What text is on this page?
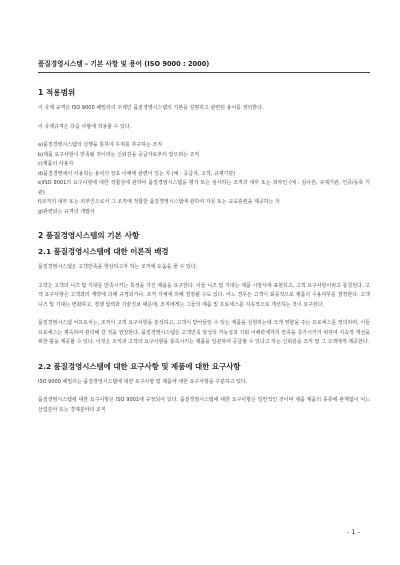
품질경영시스템 – 기본 사항 및 용어 (ISO 9000 : 2000)
1 적용범위

이 국제 규격은 ISO 9000 패밀리의 주제인 품질경영시스템의 기본을 설명하고 관련된 용어를 정의한다.

이 국제규격은 다음 사항에 적용할 수 있다.

a)품질경영시스템의 실행을 통하여 우위를 추구하는 조직

b)제품 요구사항이 만족될 것이라는 신뢰감을 공급자로부터 얻으려는 조직

c)제품의 사용자

d)품질경영에서 사용되는 용어의 상호 이해에 관련이 있는 자 (예 : 공급자, 고객, 규제기관)

e)ISO 9001의 요구사항에 대한 적합성에 관하여 품질경영시스템을 평가 또는 심사하는 조직의 내부 또는 외부인 (예 : 심사원, 규제기관, 인증/등록 기관)

f)조직의 내부 또는 외부인으로서 그 조직에 적합한 품질경영시스템에 관하여 자문 또는 교육훈련을 제공하는 자

g)관련되는 규격의 개발자

2 품질경영시스템의 기본 사항
2.1 품질경영시스템에 대한 이론적 배경

품질경영시스템은 고객만족을 향상하고자 하는 조직에 도움을 줄 수 있다.

고객은 고객의 니즈 및 기대를 만족시키는 특성을 가진 제품을 요구한다. 이들 니즈 및 기대는 제품 시방서에 표현되고, 고객 요구사항이라고 통칭된다. 고객 요구사항은 고객과의 계약에 의해 규정되거나, 조직 자체에 의해 결정될 수도 있다. 어느 경우든 고객이 최종적으로 제품의 수용여부를 결정한다. 고객 니즈 및 기대는 변화하고, 경쟁 압력과 기술진보 때문에, 조직에게는 그들의 제품 및 프로세스를 지속적으로 개선하는 것이 요구된다.

품질경영시스템 어프로치는, 조직이 고객 요구사항을 분석하고, 고객이 받아들일 수 있는 제품을 실현하는데 크게 영향을 주는 프로세스를 정의하며, 이들 프로세스는 계속하여 관리해 갈 것을 권장한다. 품질경영시스템은 고객만족 달성의 가능성과 기회 이해관계자의 만족을 증가시키기 위하여 지속적 개선을 위한 틀을 제공할 수 있다. 이것은 조직과 고객의 요구사항을 충족시키는 제품을 일관하여 공급할 수 있다고 하는 신뢰감을 조직 및 그 고객에게 제공한다.

2.2 품질경영시스템에 대한 요구사항 및 제품에 대한 요구사항

ISO 9000 패밀리는 품질경영시스템에 대한 요구사항 및 제품에 대한 요구사항을 구분하고 있다.

품질경영시스템에 대한 요구사항은 ISO 9001에 규정되어 있다. 품질경영시스템에 대한 요구사항은 일반적인 것이며 제품 제품의 종류에 관계없이 어느 산업분야 또는 경제분야의 조직

- 1 -
